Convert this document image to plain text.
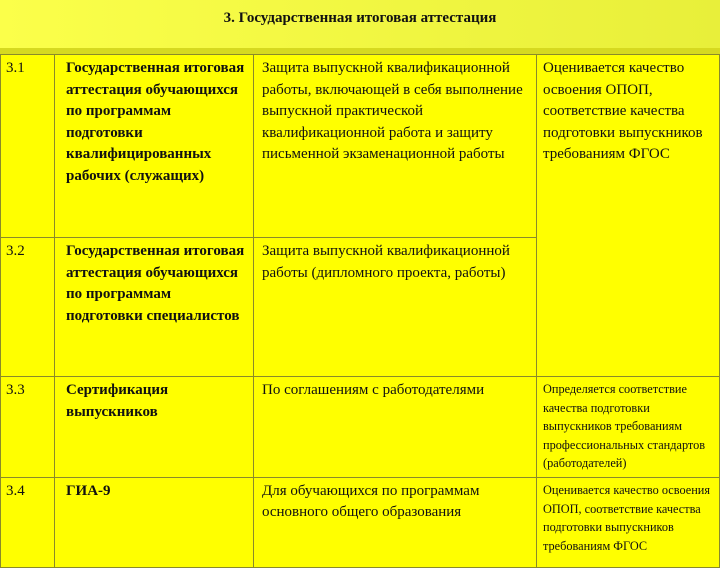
3. Государственная итоговая аттестация
3.1	Государственная итоговая аттестация обучающихся по программам подготовки квалифицированных рабочих (служащих)	Защита выпускной квалификационной работы, включающей в себя выполнение выпускной практической квалификационной работа и защиту письменной экзаменационной работы	Оценивается качество освоения ОПОП, соответствие качества подготовки выпускников требованиям ФГОС
3.2	Государственная итоговая аттестация обучающихся по программам подготовки специалистов	Защита выпускной квалификационной работы (дипломного проекта, работы)	
3.3	Сертификация выпускников	По соглашениям с работодателями	Определяется соответствие качества подготовки выпускников требованиям профессиональных стандартов (работодателей)
3.4	ГИА-9	Для обучающихся по программам основного общего образования	Оценивается качество освоения ОПОП, соответствие качества подготовки выпускников требованиям ФГОС
